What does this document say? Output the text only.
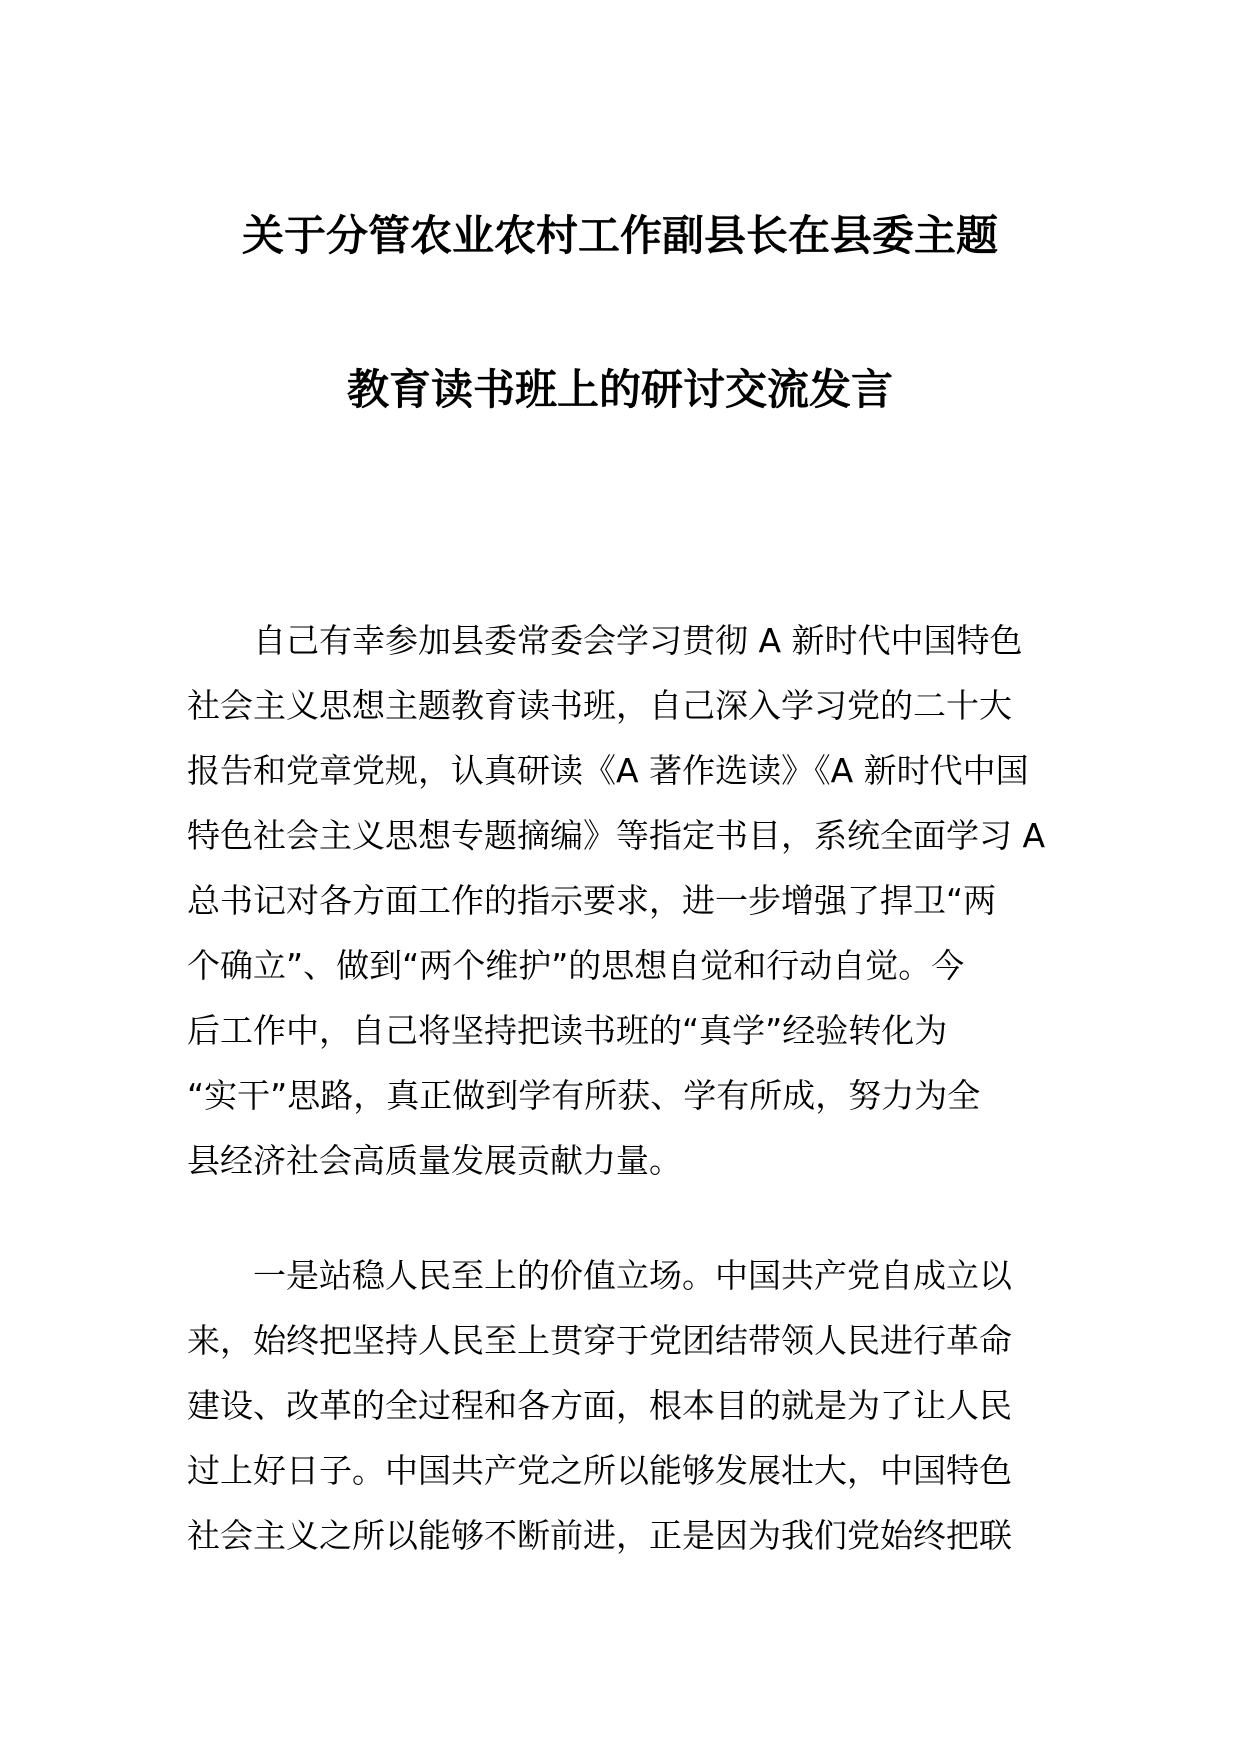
关于分管农业农村工作副县长在县委主题
教育读书班上的研讨交流发言
　　自己有幸参加县委常委会学习贯彻 A 新时代中国特色
社会主义思想主题教育读书班，自己深入学习党的二十大
报告和党章党规，认真研读《A 著作选读》《A 新时代中国
特色社会主义思想专题摘编》等指定书目，系统全面学习 A
总书记对各方面工作的指示要求，进一步增强了捍卫“两
个确立”、做到“两个维护”的思想自觉和行动自觉。今
后工作中，自己将坚持把读书班的“真学”经验转化为
“实干”思路，真正做到学有所获、学有所成，努力为全
县经济社会高质量发展贡献力量。
　　一是站稳人民至上的价值立场。中国共产党自成立以
来，始终把坚持人民至上贯穿于党团结带领人民进行革命
建设、改革的全过程和各方面，根本目的就是为了让人民
过上好日子。中国共产党之所以能够发展壮大，中国特色
社会主义之所以能够不断前进，正是因为我们党始终把联
